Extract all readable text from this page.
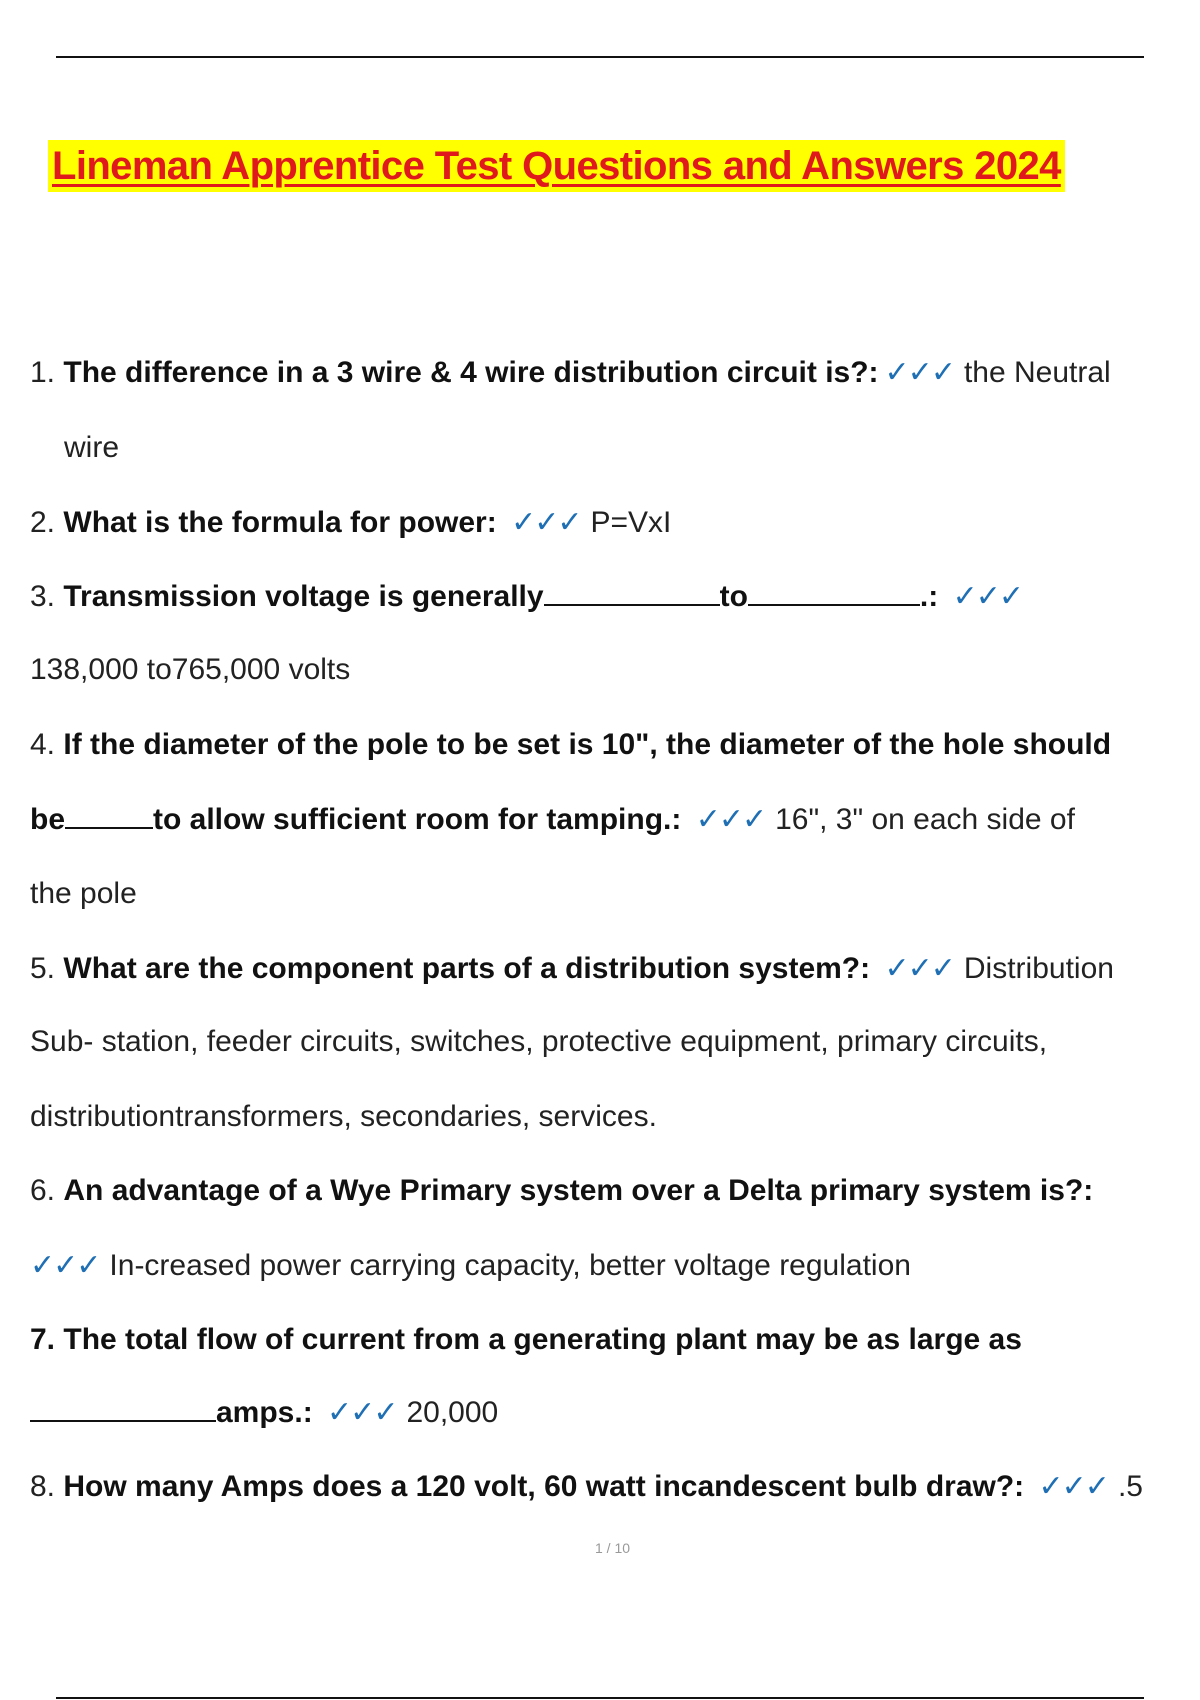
Lineman Apprentice Test Questions and Answers 2024
1. The difference in a 3 wire & 4 wire distribution circuit is?: ✓✓✓ the Neutral
wire
2. What is the formula for power: ✓✓✓ P=VxI
3. Transmission voltage is generally	to	.: ✓✓✓
138,000 to765,000 volts
4. If the diameter of the pole to be set is 10", the diameter of the hole should
be	to allow sufficient room for tamping.: ✓✓✓ 16", 3" on each side of
the pole
5. What are the component parts of a distribution system?: ✓✓✓ Distribution
Sub- station, feeder circuits, switches, protective equipment, primary circuits,
distributiontransformers, secondaries, services.
6. An advantage of a Wye Primary system over a Delta primary system is?:
✓✓✓ In-creased power carrying capacity, better voltage regulation
7. The total flow of current from a generating plant may be as large as
amps.: ✓✓✓ 20,000
8. How many Amps does a 120 volt, 60 watt incandescent bulb draw?: ✓✓✓ .5
1 / 10
